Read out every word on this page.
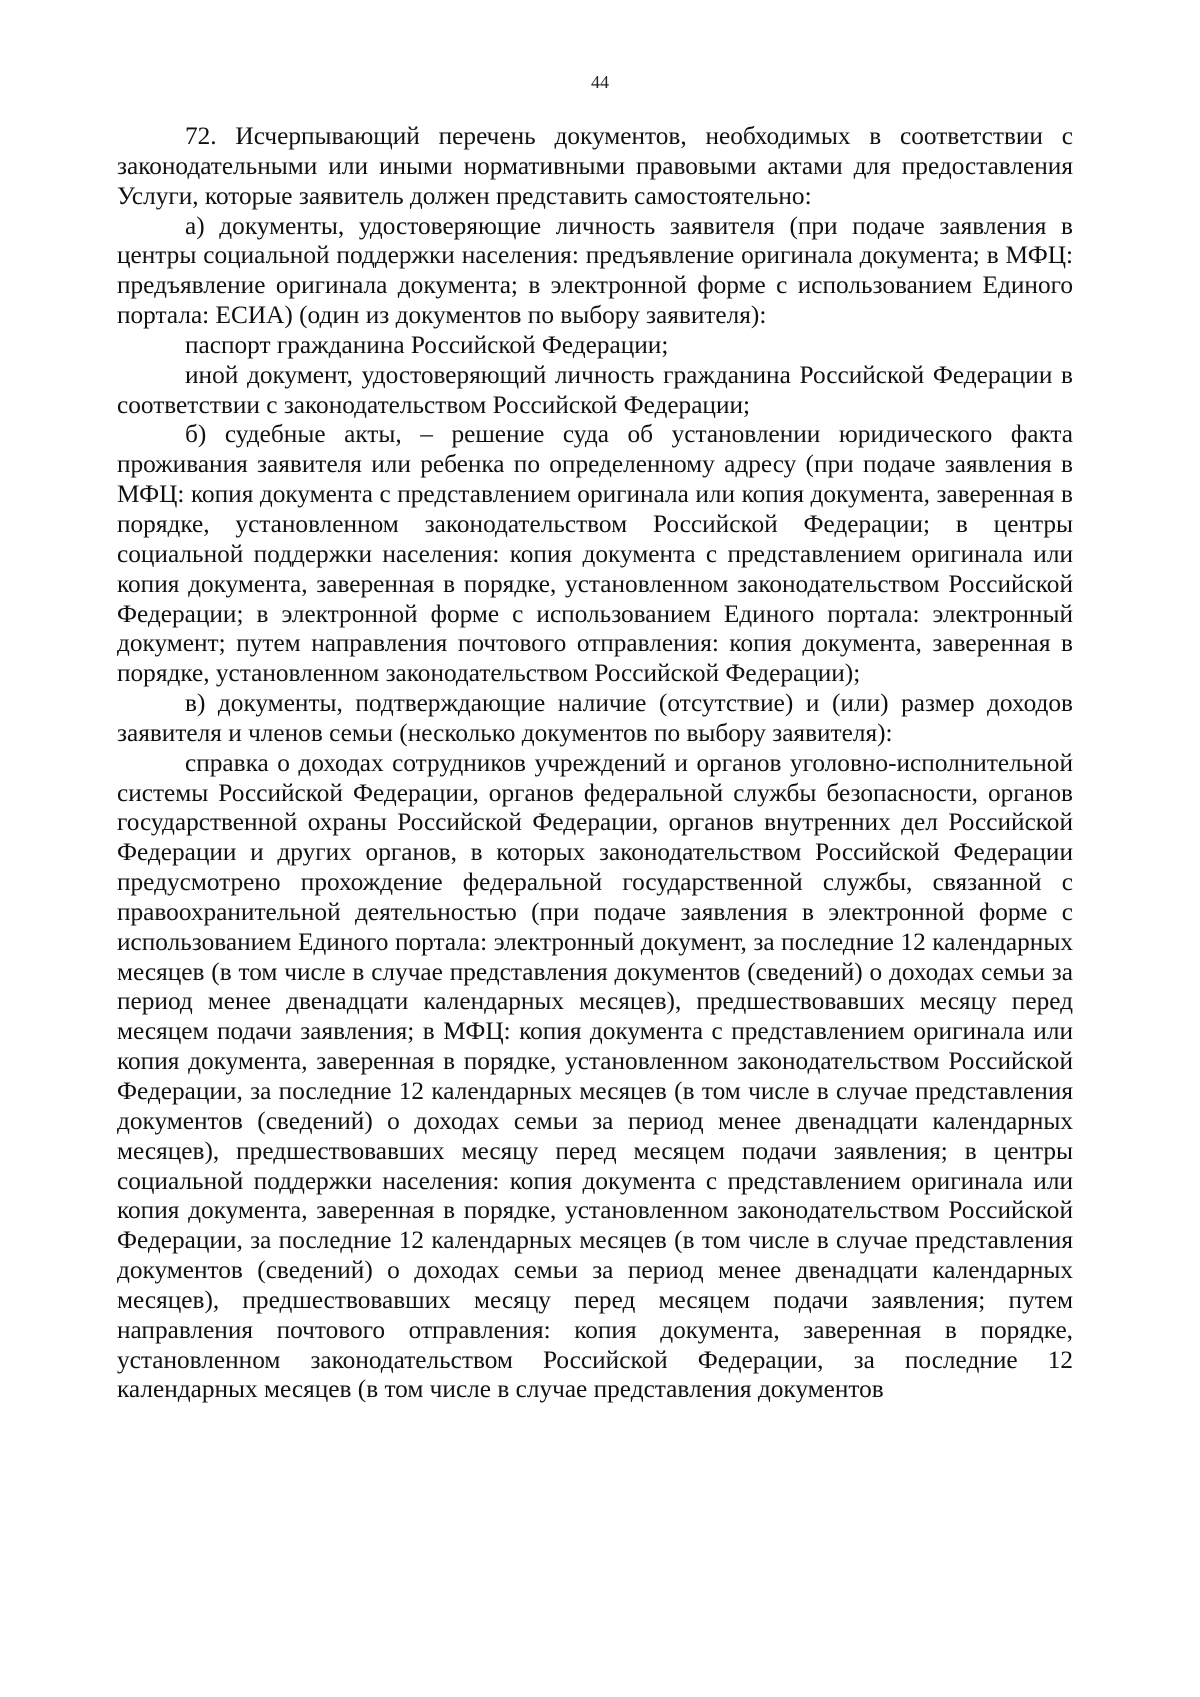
44

72. Исчерпывающий перечень документов, необходимых в соответствии с законодательными или иными нормативными правовыми актами для предоставления Услуги, которые заявитель должен представить самостоятельно:

а) документы, удостоверяющие личность заявителя (при подаче заявления в центры социальной поддержки населения: предъявление оригинала документа; в МФЦ: предъявление оригинала документа; в электронной форме с использованием Единого портала: ЕСИА) (один из документов по выбору заявителя):

паспорт гражданина Российской Федерации;

иной документ, удостоверяющий личность гражданина Российской Федерации в соответствии с законодательством Российской Федерации;

б) судебные акты, – решение суда об установлении юридического факта проживания заявителя или ребенка по определенному адресу (при подаче заявления в МФЦ: копия документа с представлением оригинала или копия документа, заверенная в порядке, установленном законодательством Российской Федерации; в центры социальной поддержки населения: копия документа с представлением оригинала или копия документа, заверенная в порядке, установленном законодательством Российской Федерации; в электронной форме с использованием Единого портала: электронный документ; путем направления почтового отправления: копия документа, заверенная в порядке, установленном законодательством Российской Федерации);

в) документы, подтверждающие наличие (отсутствие) и (или) размер доходов заявителя и членов семьи (несколько документов по выбору заявителя):

справка о доходах сотрудников учреждений и органов уголовно-исполнительной системы Российской Федерации, органов федеральной службы безопасности, органов государственной охраны Российской Федерации, органов внутренних дел Российской Федерации и других органов, в которых законодательством Российской Федерации предусмотрено прохождение федеральной государственной службы, связанной с правоохранительной деятельностью (при подаче заявления в электронной форме с использованием Единого портала: электронный документ, за последние 12 календарных месяцев (в том числе в случае представления документов (сведений) о доходах семьи за период менее двенадцати календарных месяцев), предшествовавших месяцу перед месяцем подачи заявления; в МФЦ: копия документа с представлением оригинала или копия документа, заверенная в порядке, установленном законодательством Российской Федерации, за последние 12 календарных месяцев (в том числе в случае представления документов (сведений) о доходах семьи за период менее двенадцати календарных месяцев), предшествовавших месяцу перед месяцем подачи заявления; в центры социальной поддержки населения: копия документа с представлением оригинала или копия документа, заверенная в порядке, установленном законодательством Российской Федерации, за последние 12 календарных месяцев (в том числе в случае представления документов (сведений) о доходах семьи за период менее двенадцати календарных месяцев), предшествовавших месяцу перед месяцем подачи заявления; путем направления почтового отправления: копия документа, заверенная в порядке, установленном законодательством Российской Федерации, за последние 12 календарных месяцев (в том числе в случае представления документов
